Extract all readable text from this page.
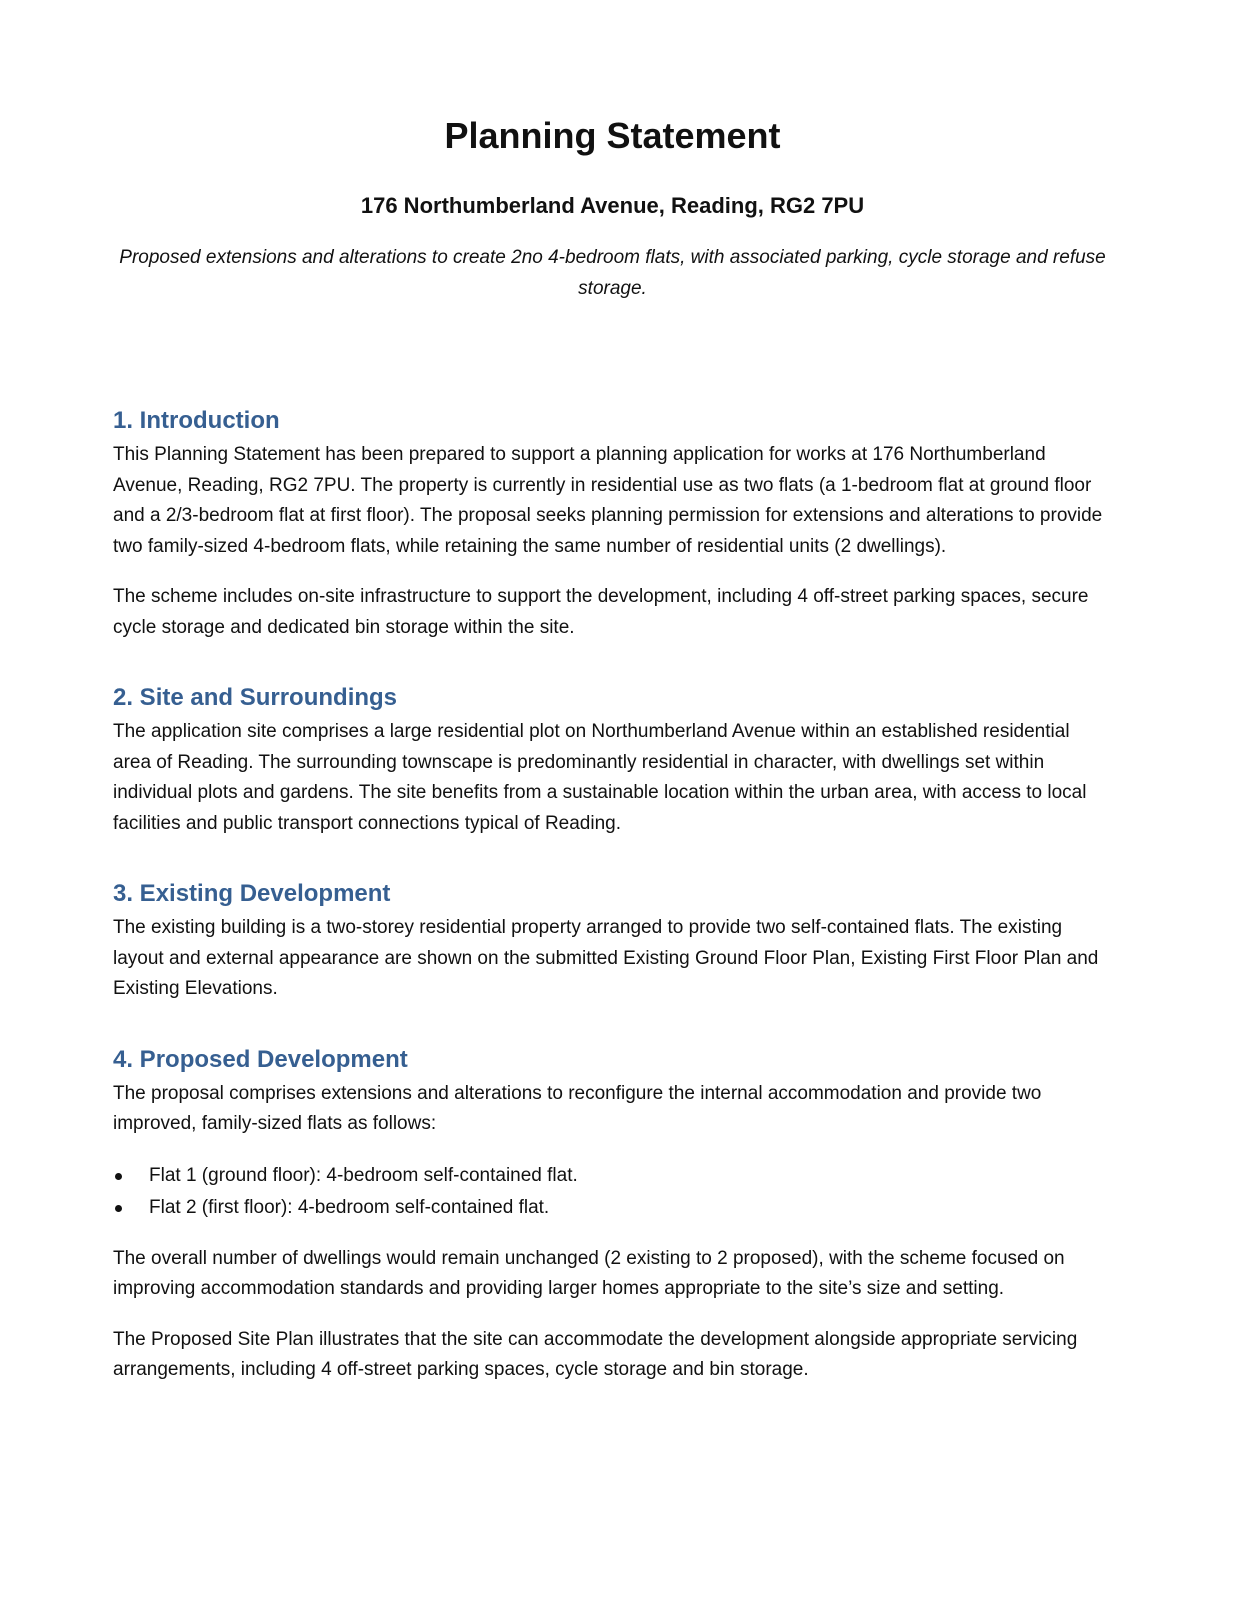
Planning Statement
176 Northumberland Avenue, Reading, RG2 7PU
Proposed extensions and alterations to create 2no 4-bedroom flats, with associated parking, cycle storage and refuse storage.
1. Introduction

This Planning Statement has been prepared to support a planning application for works at 176 Northumberland Avenue, Reading, RG2 7PU. The property is currently in residential use as two flats (a 1-bedroom flat at ground floor and a 2/3-bedroom flat at first floor). The proposal seeks planning permission for extensions and alterations to provide two family-sized 4-bedroom flats, while retaining the same number of residential units (2 dwellings).

The scheme includes on-site infrastructure to support the development, including 4 off-street parking spaces, secure cycle storage and dedicated bin storage within the site.

2. Site and Surroundings

The application site comprises a large residential plot on Northumberland Avenue within an established residential area of Reading. The surrounding townscape is predominantly residential in character, with dwellings set within individual plots and gardens. The site benefits from a sustainable location within the urban area, with access to local facilities and public transport connections typical of Reading.

3. Existing Development

The existing building is a two-storey residential property arranged to provide two self-contained flats. The existing layout and external appearance are shown on the submitted Existing Ground Floor Plan, Existing First Floor Plan and Existing Elevations.

4. Proposed Development

The proposal comprises extensions and alterations to reconfigure the internal accommodation and provide two improved, family-sized flats as follows:

Flat 1 (ground floor): 4-bedroom self-contained flat.
Flat 2 (first floor): 4-bedroom self-contained flat.

The overall number of dwellings would remain unchanged (2 existing to 2 proposed), with the scheme focused on improving accommodation standards and providing larger homes appropriate to the site’s size and setting.

The Proposed Site Plan illustrates that the site can accommodate the development alongside appropriate servicing arrangements, including 4 off-street parking spaces, cycle storage and bin storage.
